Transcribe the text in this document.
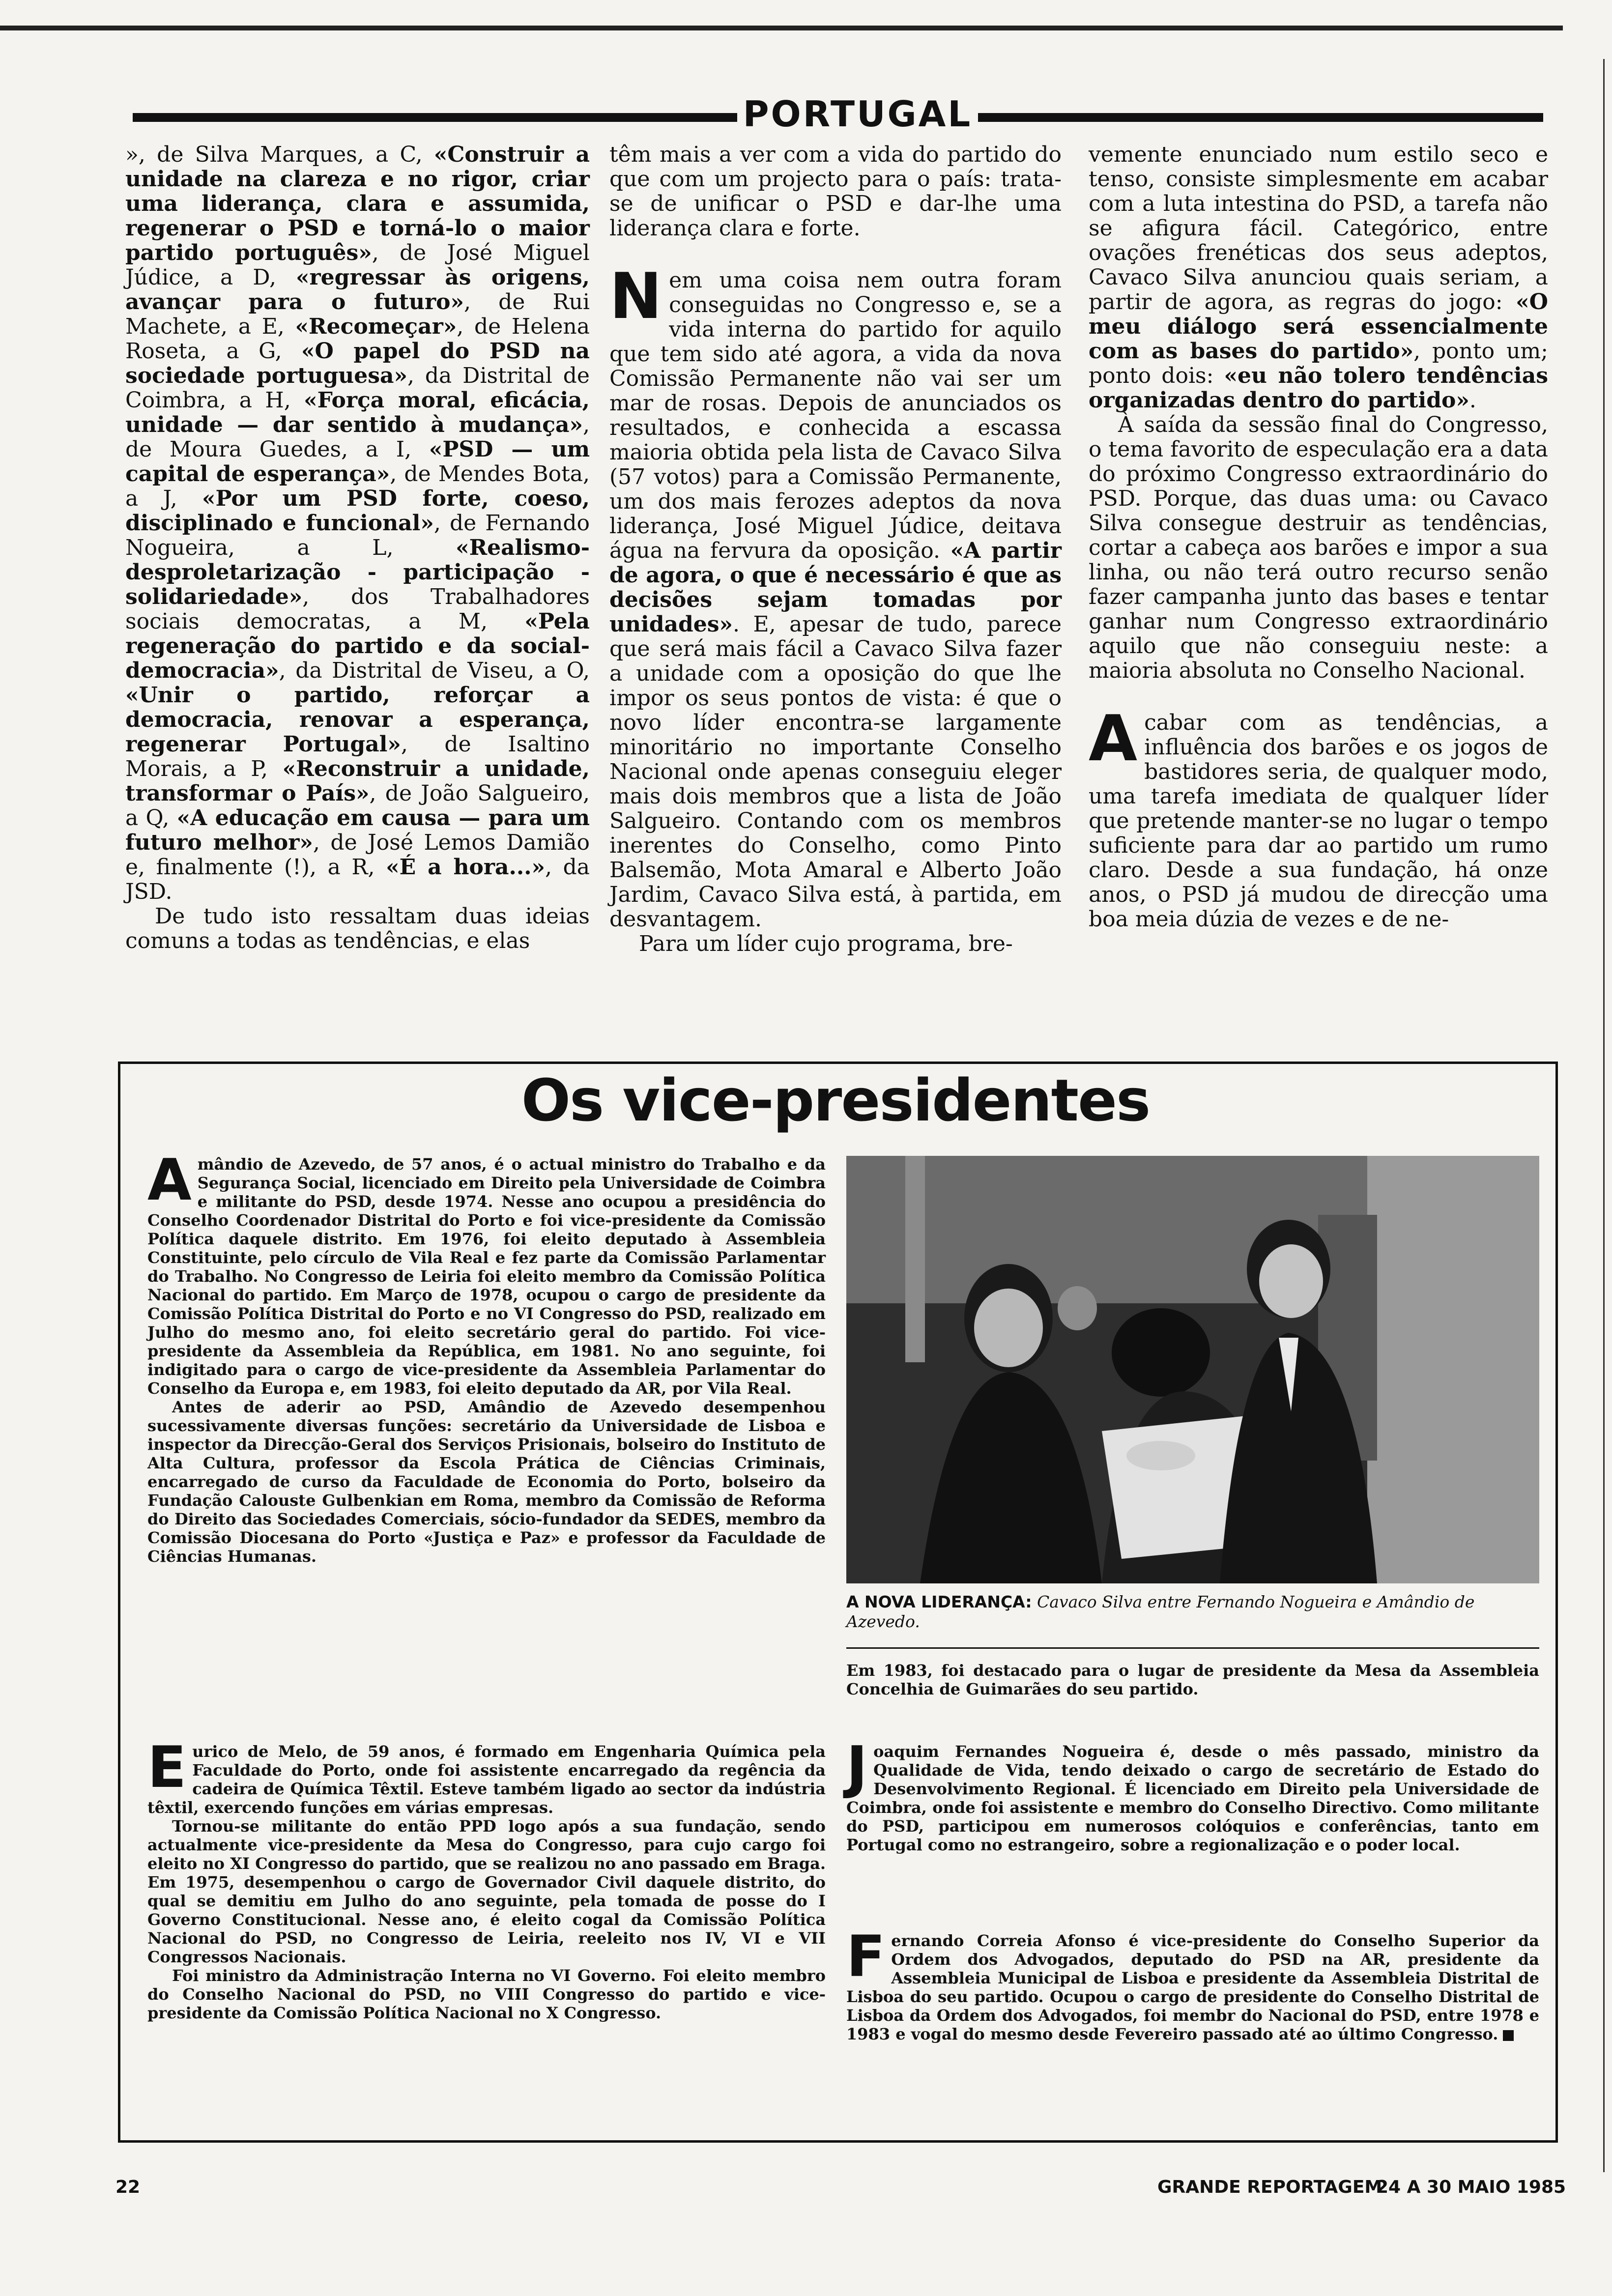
PORTUGAL

», de Silva Marques, a C, «Construir a unidade na clareza e no rigor, criar uma liderança, clara e assumida, regenerar o PSD e torná-lo o maior partido português», de José Miguel Júdice, a D, «regressar às origens, avançar para o futuro», de Rui Machete, a E, «Recomeçar», de Helena Roseta, a G, «O papel do PSD na sociedade portuguesa», da Distrital de Coimbra, a H, «Força moral, eficácia, unidade — dar sentido à mudança», de Moura Guedes, a I, «PSD — um capital de esperança», de Mendes Bota, a J, «Por um PSD forte, coeso, disciplinado e funcional», de Fernando Nogueira, a L, «Realismo-desproletarização - participação - solidariedade», dos Trabalhadores sociais democratas, a M, «Pela regeneração do partido e da social-democracia», da Distrital de Viseu, a O, «Unir o partido, reforçar a democracia, renovar a esperança, regenerar Portugal», de Isaltino Morais, a P, «Reconstruir a unidade, transformar o País», de João Salgueiro, a Q, «A educação em causa — para um futuro melhor», de José Lemos Damião e, finalmente (!), a R, «É a hora...», da JSD.

De tudo isto ressaltam duas ideias comuns a todas as tendências, e elas

têm mais a ver com a vida do partido do que com um projecto para o país: trata-se de unificar o PSD e dar-lhe uma liderança clara e forte.

Nem uma coisa nem outra foram conseguidas no Congresso e, se a vida interna do partido for aquilo que tem sido até agora, a vida da nova Comissão Permanente não vai ser um mar de rosas. Depois de anunciados os resultados, e conhecida a escassa maioria obtida pela lista de Cavaco Silva (57 votos) para a Comissão Permanente, um dos mais ferozes adeptos da nova liderança, José Miguel Júdice, deitava água na fervura da oposição. «A partir de agora, o que é necessário é que as decisões sejam tomadas por unidades». E, apesar de tudo, parece que será mais fácil a Cavaco Silva fazer a unidade com a oposição do que lhe impor os seus pontos de vista: é que o novo líder encontra-se largamente minoritário no importante Conselho Nacional onde apenas conseguiu eleger mais dois membros que a lista de João Salgueiro. Contando com os membros inerentes do Conselho, como Pinto Balsemão, Mota Amaral e Alberto João Jardim, Cavaco Silva está, à partida, em desvantagem.

Para um líder cujo programa, bre-

vemente enunciado num estilo seco e tenso, consiste simplesmente em acabar com a luta intestina do PSD, a tarefa não se afigura fácil. Categórico, entre ovações frenéticas dos seus adeptos, Cavaco Silva anunciou quais seriam, a partir de agora, as regras do jogo: «O meu diálogo será essencialmente com as bases do partido», ponto um; ponto dois: «eu não tolero tendências organizadas dentro do partido».

À saída da sessão final do Congresso, o tema favorito de especulação era a data do próximo Congresso extraordinário do PSD. Porque, das duas uma: ou Cavaco Silva consegue destruir as tendências, cortar a cabeça aos barões e impor a sua linha, ou não terá outro recurso senão fazer campanha junto das bases e tentar ganhar num Congresso extraordinário aquilo que não conseguiu neste: a maioria absoluta no Conselho Nacional.

Acabar com as tendências, a influência dos barões e os jogos de bastidores seria, de qualquer modo, uma tarefa imediata de qualquer líder que pretende manter-se no lugar o tempo suficiente para dar ao partido um rumo claro. Desde a sua fundação, há onze anos, o PSD já mudou de direcção uma boa meia dúzia de vezes e de ne-

Os vice-presidentes

Amândio de Azevedo, de 57 anos, é o actual ministro do Trabalho e da Segurança Social, licenciado em Direito pela Universidade de Coimbra e militante do PSD, desde 1974. Nesse ano ocupou a presidência do Conselho Coordenador Distrital do Porto e foi vice-presidente da Comissão Política daquele distrito. Em 1976, foi eleito deputado à Assembleia Constituinte, pelo círculo de Vila Real e fez parte da Comissão Parlamentar do Trabalho. No Congresso de Leiria foi eleito membro da Comissão Política Nacional do partido. Em Março de 1978, ocupou o cargo de presidente da Comissão Política Distrital do Porto e no VI Congresso do PSD, realizado em Julho do mesmo ano, foi eleito secretário geral do partido. Foi vice-presidente da Assembleia da República, em 1981. No ano seguinte, foi indigitado para o cargo de vice-presidente da Assembleia Parlamentar do Conselho da Europa e, em 1983, foi eleito deputado da AR, por Vila Real.

Antes de aderir ao PSD, Amândio de Azevedo desempenhou sucessivamente diversas funções: secretário da Universidade de Lisboa e inspector da Direcção-Geral dos Serviços Prisionais, bolseiro do Instituto de Alta Cultura, professor da Escola Prática de Ciências Criminais, encarregado de curso da Faculdade de Economia do Porto, bolseiro da Fundação Calouste Gulbenkian em Roma, membro da Comissão de Reforma do Direito das Sociedades Comerciais, sócio-fundador da SEDES, membro da Comissão Diocesana do Porto «Justiça e Paz» e professor da Faculdade de Ciências Humanas.

Eurico de Melo, de 59 anos, é formado em Engenharia Química pela Faculdade do Porto, onde foi assistente encarregado da regência da cadeira de Química Têxtil. Esteve também ligado ao sector da indústria têxtil, exercendo funções em várias empresas.

Tornou-se militante do então PPD logo após a sua fundação, sendo actualmente vice-presidente da Mesa do Congresso, para cujo cargo foi eleito no XI Congresso do partido, que se realizou no ano passado em Braga. Em 1975, desempenhou o cargo de Governador Civil daquele distrito, do qual se demitiu em Julho do ano seguinte, pela tomada de posse do I Governo Constitucional. Nesse ano, é eleito cogal da Comissão Política Nacional do PSD, no Congresso de Leiria, reeleito nos IV, VI e VII Congressos Nacionais.

Foi ministro da Administração Interna no VI Governo. Foi eleito membro do Conselho Nacional do PSD, no VIII Congresso do partido e vice-presidente da Comissão Política Nacional no X Congresso.

A NOVA LIDERANÇA: Cavaco Silva entre Fernando Nogueira e Amândio de Azevedo.

Em 1983, foi destacado para o lugar de presidente da Mesa da Assembleia Concelhia de Guimarães do seu partido.

Joaquim Fernandes Nogueira é, desde o mês passado, ministro da Qualidade de Vida, tendo deixado o cargo de secretário de Estado do Desenvolvimento Regional. É licenciado em Direito pela Universidade de Coimbra, onde foi assistente e membro do Conselho Directivo. Como militante do PSD, participou em numerosos colóquios e conferências, tanto em Portugal como no estrangeiro, sobre a regionalização e o poder local.

Fernando Correia Afonso é vice-presidente do Conselho Superior da Ordem dos Advogados, deputado do PSD na AR, presidente da Assembleia Municipal de Lisboa e presidente da Assembleia Distrital de Lisboa do seu partido. Ocupou o cargo de presidente do Conselho Distrital de Lisboa da Ordem dos Advogados, foi membr do Nacional do PSD, entre 1978 e 1983 e vogal do mesmo desde Fevereiro passado até ao último Congresso.

22	GRANDE REPORTAGEM
24 A 30 MAIO 1985
